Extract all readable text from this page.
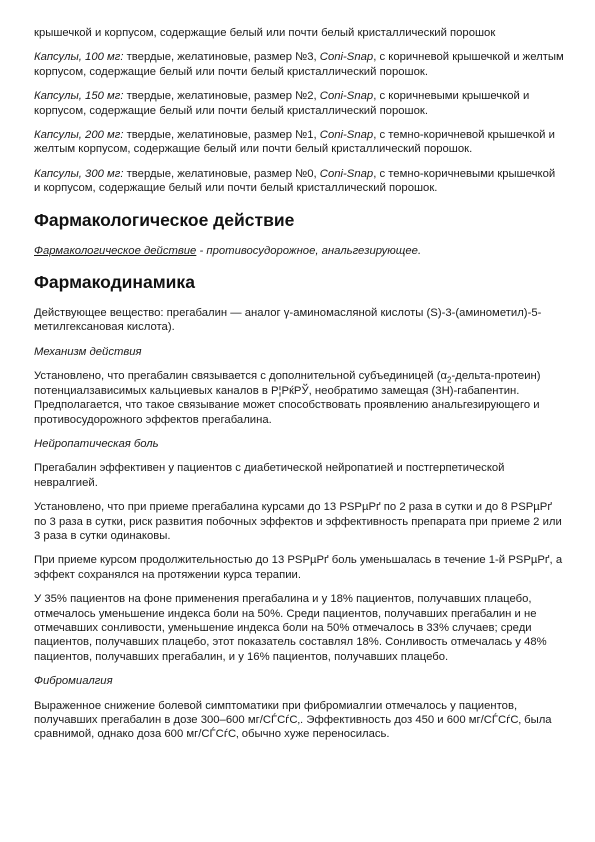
крышечкой и корпусом, содержащие белый или почти белый кристаллический порошок

Капсулы, 100 мг: твердые, желатиновые, размер №3, Coni-Snap, с коричневой крышечкой и желтым корпусом, содержащие белый или почти белый кристаллический порошок.

Капсулы, 150 мг: твердые, желатиновые, размер №2, Coni-Snap, с коричневыми крышечкой и корпусом, содержащие белый или почти белый кристаллический порошок.

Капсулы, 200 мг: твердые, желатиновые, размер №1, Coni-Snap, с темно-коричневой крышечкой и желтым корпусом, содержащие белый или почти белый кристаллический порошок.

Капсулы, 300 мг: твердые, желатиновые, размер №0, Coni-Snap, с темно-коричневыми крышечкой и корпусом, содержащие белый или почти белый кристаллический порошок.

Фармакологическое действие

Фармакологическое действие - противосудорожное, анальгезирующее.

Фармакодинамика

Действующее вещество: прегабалин — аналог γ-аминомасляной кислоты (S)-3-(аминометил)-5-метилгексановая кислота).

Механизм действия

Установлено, что прегабалин связывается с дополнительной субъединицей $(\alpha_2-дельта-протеин)$ потенциалзависимых кальциевых каналов в Р¦РќРЎ, необратимо замещая (3Н)-габапентин. Предполагается, что такое связывание может способствовать проявлению анальгезирующего и противосудорожного эффектов прегабалина.

Нейропатическая боль

Прегабалин эффективен у пациентов с диабетической нейропатией и постгерпетической невралгией.

Установлено, что при приеме прегабалина курсами до 13 PSPµPґ по 2 раза в сутки и до 8 PSPµPґ по 3 раза в сутки, риск развития побочных эффектов и эффективность препарата при приеме 2 или 3 раза в сутки одинаковы.

При приеме курсом продолжительностью до 13 PSPµPґ боль уменьшалась в течение 1-й PSPµPґ, а эффект сохранялся на протяжении курса терапии.

У 35% пациентов на фоне применения прегабалина и у 18% пациентов, получавших плацебо, отмечалось уменьшение индекса боли на 50%. Среди пациентов, получавших прегабалин и не отмечавших сонливости, уменьшение индекса боли на 50% отмечалось в 33% случаев; среди пациентов, получавших плацебо, этот показатель составлял 18%. Сонливость отмечалась у 48% пациентов, получавших прегабалин, и у 16% пациентов, получавших плацебо.

Фибромиалгия

Выраженное снижение болевой симптоматики при фибромиалгии отмечалось у пациентов, получавших прегабалин в дозе 300–600 мг/СЃСѓС‚. Эффективность доз 450 и 600 мг/СЃСѓС‚ была сравнимой, однако доза 600 мг/СЃСѓС‚ обычно хуже переносилась.
